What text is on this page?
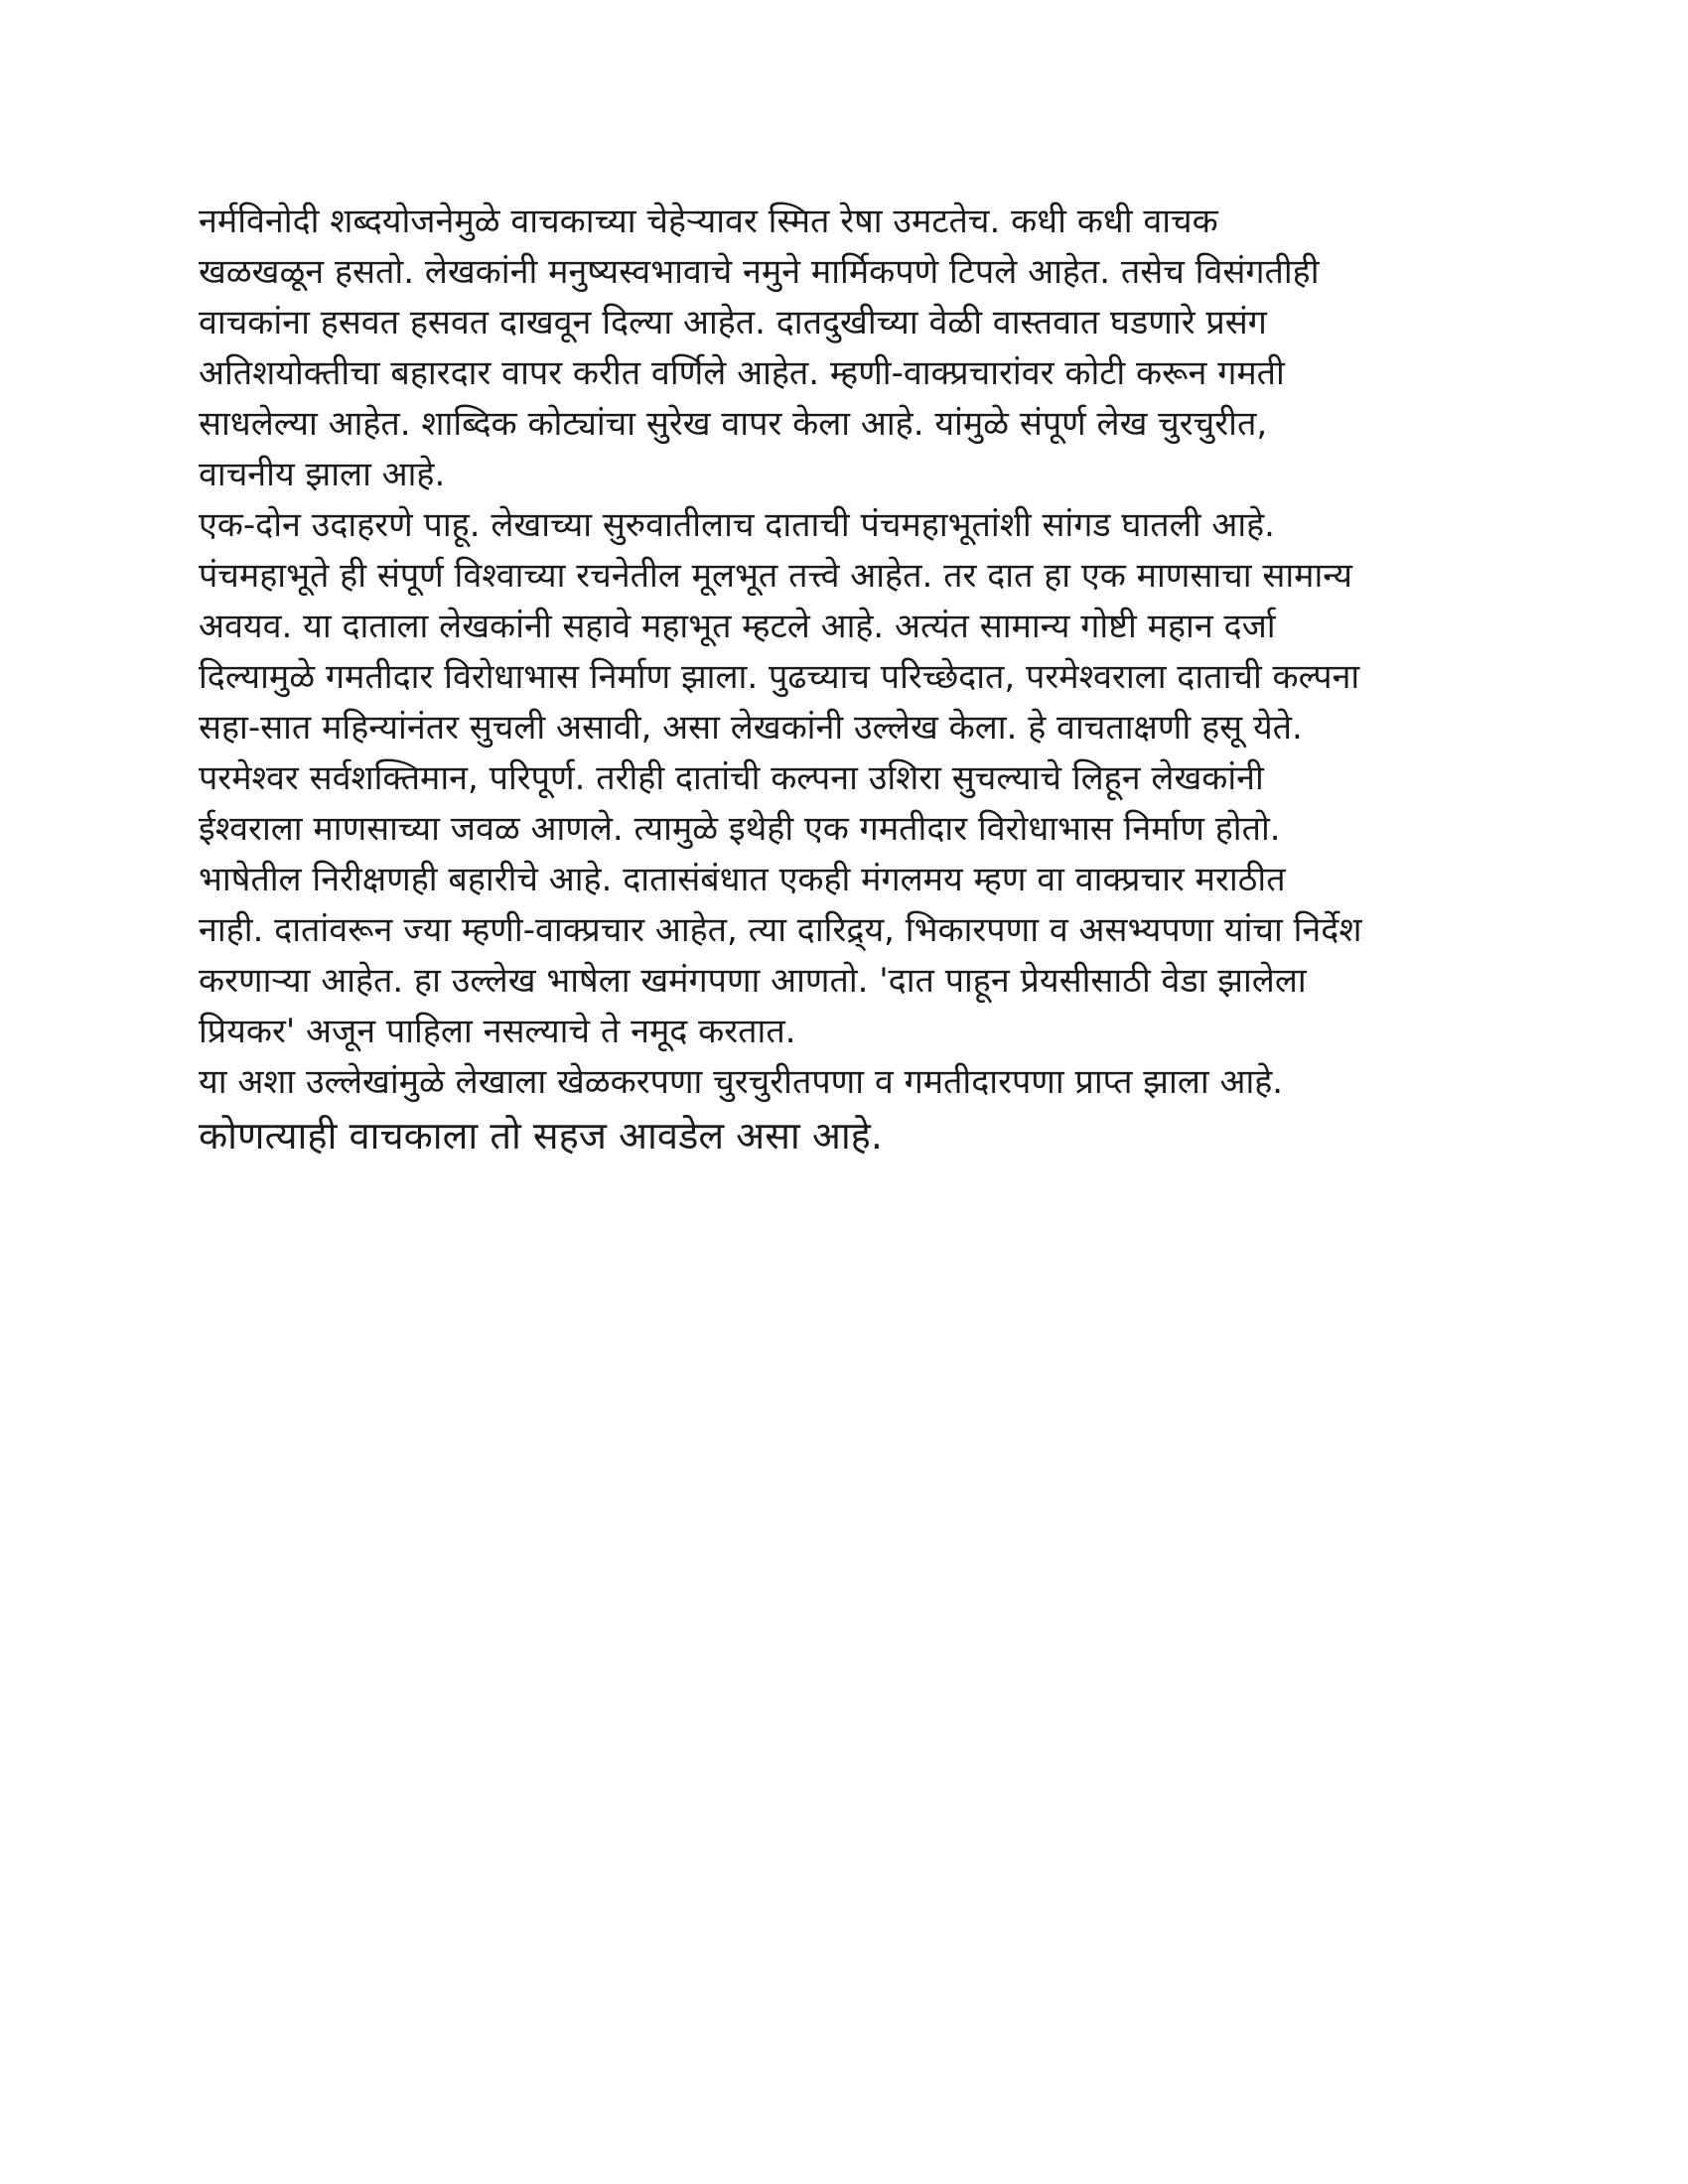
नर्मविनोदी शब्दयोजनेमुळे वाचकाच्या चेहेऱ्यावर स्मित रेषा उमटतेच. कधी कधी वाचक
खळखळून हसतो. लेखकांनी मनुष्यस्वभावाचे नमुने मार्मिकपणे टिपले आहेत. तसेच विसंगतीही
वाचकांना हसवत हसवत दाखवून दिल्या आहेत. दातदुखीच्या वेळी वास्तवात घडणारे प्रसंग
अतिशयोक्तीचा बहारदार वापर करीत वर्णिले आहेत. म्हणी-वाक्प्रचारांवर कोटी करून गमती
साधलेल्या आहेत. शाब्दिक कोट्यांचा सुरेख वापर केला आहे. यांमुळे संपूर्ण लेख चुरचुरीत,
वाचनीय झाला आहे.
एक-दोन उदाहरणे पाहू. लेखाच्या सुरुवातीलाच दाताची पंचमहाभूतांशी सांगड घातली आहे.
पंचमहाभूते ही संपूर्ण विश्वाच्या रचनेतील मूलभूत तत्त्वे आहेत. तर दात हा एक माणसाचा सामान्य
अवयव. या दाताला लेखकांनी सहावे महाभूत म्हटले आहे. अत्यंत सामान्य गोष्टी महान दर्जा
दिल्यामुळे गमतीदार विरोधाभास निर्माण झाला. पुढच्याच परिच्छेदात, परमेश्वराला दाताची कल्पना
सहा-सात महिन्यांनंतर सुचली असावी, असा लेखकांनी उल्लेख केला. हे वाचताक्षणी हसू येते.
परमेश्वर सर्वशक्तिमान, परिपूर्ण. तरीही दातांची कल्पना उशिरा सुचल्याचे लिहून लेखकांनी
ईश्वराला माणसाच्या जवळ आणले. त्यामुळे इथेही एक गमतीदार विरोधाभास निर्माण होतो.
भाषेतील निरीक्षणही बहारीचे आहे. दातासंबंधात एकही मंगलमय म्हण वा वाक्प्रचार मराठीत
नाही. दातांवरून ज्या म्हणी-वाक्प्रचार आहेत, त्या दारिद्र्य, भिकारपणा व असभ्यपणा यांचा निर्देश
करणाऱ्या आहेत. हा उल्लेख भाषेला खमंगपणा आणतो. 'दात पाहून प्रेयसीसाठी वेडा झालेला
प्रियकर' अजून पाहिला नसल्याचे ते नमूद करतात.
या अशा उल्लेखांमुळे लेखाला खेळकरपणा चुरचुरीतपणा व गमतीदारपणा प्राप्त झाला आहे.
कोणत्याही वाचकाला तो सहज आवडेल असा आहे.
